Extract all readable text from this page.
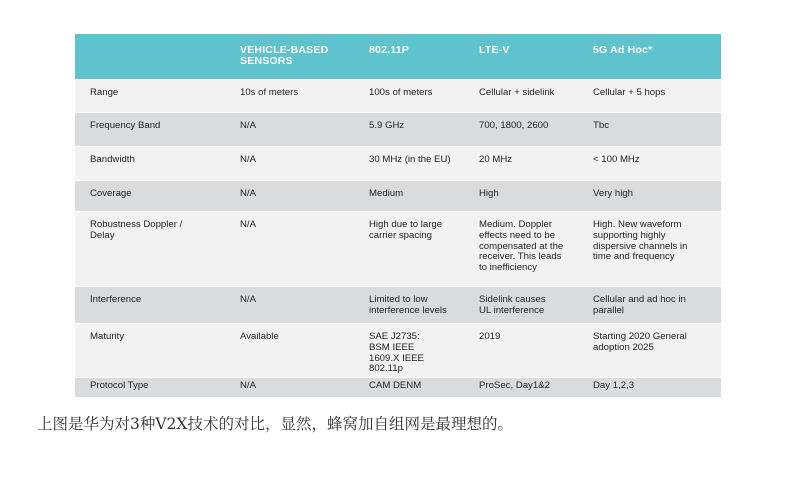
	VEHICLE-BASED SENSORS	802.11P	LTE-V	5G Ad Hoc*
Range	10s of meters	100s of meters	Cellular + sidelink	Cellular + 5 hops
Frequency Band	N/A	5.9 GHz	700, 1800, 2600	Tbc
Bandwidth	N/A	30 MHz (in the EU)	20 MHz	< 100 MHz
Coverage	N/A	Medium	High	Very high
Robustness Doppler / Delay	N/A	High due to large carrier spacing	Medium. Doppler effects need to be compensated at the receiver. This leads to inefficiency	High. New waveform supporting highly dispersive channels in time and frequency
Interference	N/A	Limited to low interference levels	Sidelink causes UL interference	Cellular and ad hoc in parallel
Maturity	Available	SAE J2735: BSM IEEE 1609.X IEEE 802.11p	2019	Starting 2020 General adoption 2025
Protocol Type	N/A	CAM DENM	ProSec, Day1&2	Day 1,2,3
上图是华为对3种V2X技术的对比，显然，蜂窝加自组网是最理想的。
